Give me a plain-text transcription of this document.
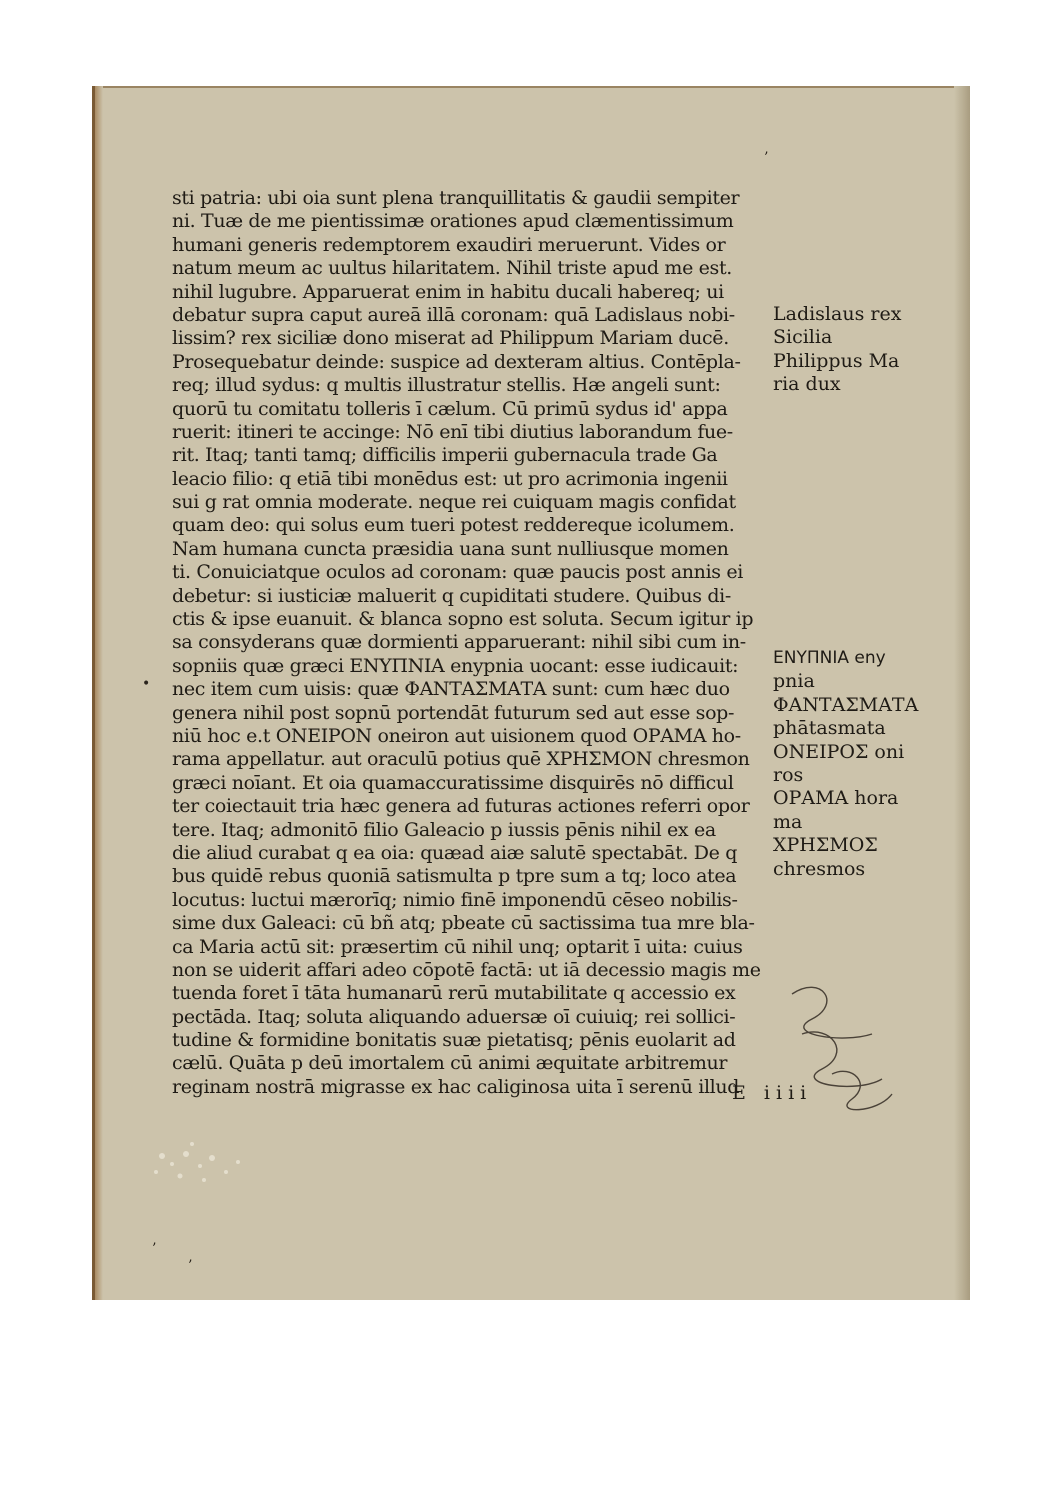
sti patria: ubi oia sunt plena tranquillitatis & gaudii sempiter
ni. Tuæ de me pientissimæ orationes apud clæmentissimum
humani generis redemptorem exaudiri meruerunt. Vides or
natum meum ac uultus hilaritatem. Nihil triste apud me est.
nihil lugubre. Apparuerat enim in habitu ducali habereq; ui
debatur supra caput aureā illā coronam: quā Ladislaus nobi-
lissim? rex siciliæ dono miserat ad Philippum Mariam ducē.
Prosequebatur deinde: suspice ad dexteram altius. Contēpla-
req; illud sydus: q multis illustratur stellis. Hæ angeli sunt:
quorū tu comitatu tolleris ī cælum. Cū primū sydus id' appa
ruerit: itineri te accinge: Nō enī tibi diutius laborandum fue-
rit. Itaq; tanti tamq; difficilis imperii gubernacula trade Ga
leacio filio: q etiā tibi monēdus est: ut pro acrimonia ingenii
sui g rat omnia moderate. neque rei cuiquam magis confidat
quam deo: qui solus eum tueri potest reddereque icolumem.
Nam humana cuncta præsidia uana sunt nulliusque momen
ti. Conuiciatque oculos ad coronam: quæ paucis post annis ei
debetur: si iusticiæ maluerit q cupiditati studere. Quibus di-
ctis & ipse euanuit. & blanca sopno est soluta. Secum igitur ip
sa consyderans quæ dormienti apparuerant: nihil sibi cum in-
sopniis quæ græci ΕΝΥΠΝΙΑ enypnia uocant: esse iudicauit:
nec item cum uisis: quæ ΦΑΝΤΑΣΜΑΤΑ sunt: cum hæc duo
genera nihil post sopnū portendāt futurum sed aut esse sop-
niū hoc e.t ΟΝΕΙΡΟΝ oneiron aut uisionem quod ΟΡΑΜΑ ho-
rama appellatur. aut oraculū potius quē ΧΡΗΣΜΟΝ chresmon
græci noīant. Et oia quamaccuratissime disquirēs nō difficul
ter coiectauit tria hæc genera ad futuras actiones referri opor
tere. Itaq; admonitō filio Galeacio p iussis pēnis nihil ex ea
die aliud curabat q ea oia: quæad aiæ salutē spectabāt. De q
bus quidē rebus quoniā satismulta p tpre sum a tq; loco atea
locutus: luctui mærorīq; nimio finē imponendū cēseo nobilis-
sime dux Galeaci: cū bñ atq; pbeate cū sactissima tua mre bla-
ca Maria actū sit: præsertim cū nihil unq; optarit ī uita: cuius
non se uiderit affari adeo cōpotē factā: ut iā decessio magis me
tuenda foret ī tāta humanarū rerū mutabilitate q accessio ex
pectāda. Itaq; soluta aliquando aduersæ oī cuiuiq; rei sollici-
tudine & formidine bonitatis suæ pietatisq; pēnis euolarit ad
cælū. Quāta p deū imortalem cū animi æquitate arbitremur
reginam nostrā migrasse ex hac caliginosa uita ī serenū illud
Ladislaus rex
Sicilia
Philippus Ma
ria dux
ΕΝΥΠΝΙΑ eny
pnia
ΦΑΝΤΑΣΜΑΤΑ
phātasmata
ΟΝΕΙΡΟΣ oni
ros
ΟΡΑΜΑ hora
ma
ΧΡΗΣΜΟΣ
chresmos
E iiii
’
•
’
’
